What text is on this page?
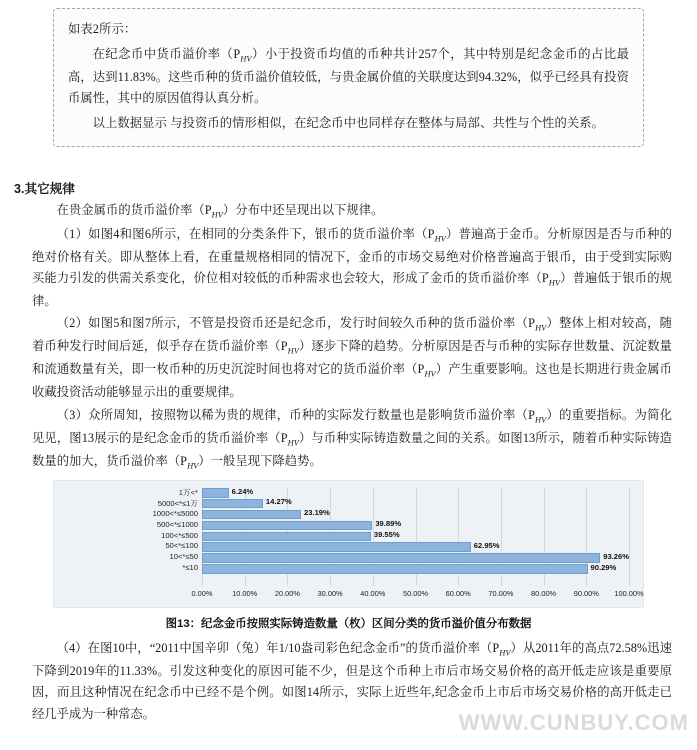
如表2所示：

在纪念币中货币溢价率$(P_{HV})$小于投资币均值的币种共计257个，其中特别是纪念金币的占比最高，达到11.83%。这些币种的货币溢价值较低，与贵金属价值的关联度达到94.32%，似乎已经具有投资币属性，其中的原因值得认真分析。

以上数据显示 与投资币的情形相似，在纪念币中也同样存在整体与局部、共性与个性的关系。

3.其它规律

在贵金属币的货币溢价率$(P_{HV})$分布中还呈现出以下规律。

（1）如图4和图6所示，在相同的分类条件下，银币的货币溢价率$(P_{HV})$普遍高于金币。分析原因是否与币种的绝对价格有关。即从整体上看，在重量规格相同的情况下，金币的市场交易绝对价格普遍高于银币，由于受到实际购买能力引发的供需关系变化，价位相对较低的币种需求也会较大，形成了金币的货币溢价率$(P_{HV})$普遍低于银币的规律。

（2）如图5和图7所示，不管是投资币还是纪念币，发行时间较久币种的货币溢价率$(P_{HV})$整体上相对较高，随着币种发行时间后延，似乎存在货币溢价率$(P_{HV})$逐步下降的趋势。分析原因是否与币种的实际存世数量、沉淀数量和流通数量有关，即一枚币种的历史沉淀时间也将对它的货币溢价率$(P_{HV})$产生重要影响。这也是长期进行贵金属币收藏投资活动能够显示出的重要规律。

（3）众所周知，按照物以稀为贵的规律，币种的实际发行数量也是影响货币溢价率$(P_{HV})$的重要指标。为简化见见，图13展示的是纪念金币的货币溢价率$(P_{HV})$与币种实际铸造数量之间的关系。如图13所示，随着币种实际铸造数量的加大，货币溢价率$(P_{HV})$一般呈现下降趋势。

1万<*	6.24%
5000<*≤1万	14.27%
1000<*≤5000	23.19%
500<*≤1000	39.89%
100<*≤500	39.55%
50<*≤100	62.95%
10<*≤50	93.26%
*≤10	90.29%
0.00%	10.00% 20.00% 30.00% 40.00% 50.00% 60.00% 70.00% 80.00% 90.00% 100.00%
图13：纪念金币按照实际铸造数量（枚）区间分类的货币溢价值分布数据

（4）在图10中，“2011中国辛卯（兔）年1/10盎司彩色纪念金币”的货币溢价率$(P_{HV})$从2011年的高点72.58%迅速下降到2019年的11.33%。引发这种变化的原因可能不少，但是这个币种上市后市场交易价格的高开低走应该是重要原因，而且这种情况在纪念币中已经不是个例。如图14所示，实际上近些年,纪念金币上市后市场交易价格的高开低走已经几乎成为一种常态。	WWW.CUNBUY.COM
